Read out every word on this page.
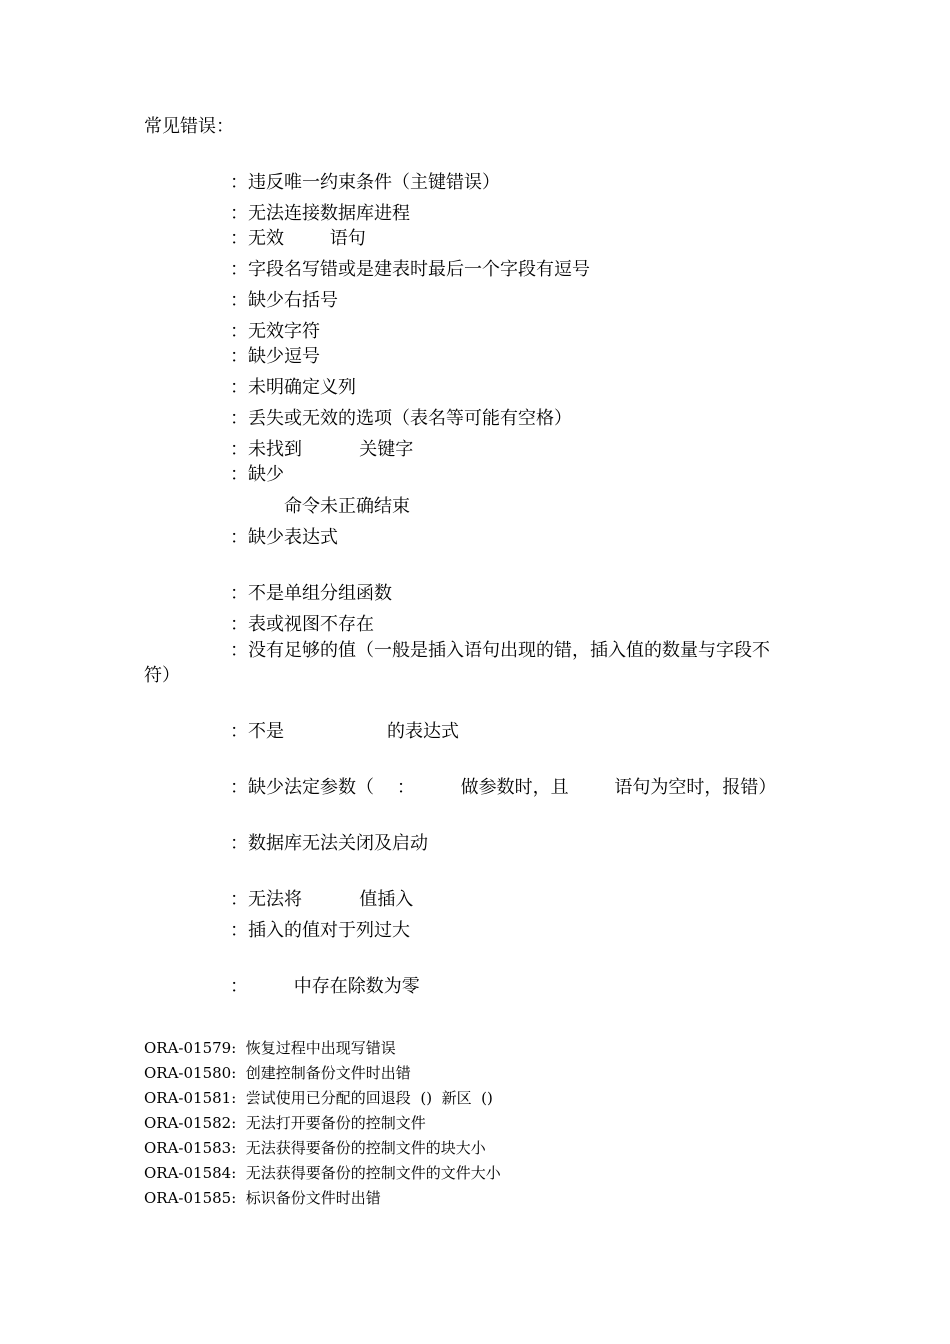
常见错误：
：违反唯一约束条件（主键错误）
：无法连接数据库进程
：无效        语句
：字段名写错或是建表时最后一个字段有逗号
：缺少右括号
：无效字符
：缺少逗号
：未明确定义列
：丢失或无效的选项（表名等可能有空格）
：未找到          关键字
：缺少
命令未正确结束
：缺少表达式
：不是单组分组函数
：表或视图不存在
：没有足够的值（一般是插入语句出现的错，插入值的数量与字段不
符）
：不是                  的表达式
：缺少法定参数（    ：        做参数时，且        语句为空时，报错）
：数据库无法关闭及启动
：无法将          值插入
：插入的值对于列过大
：        中存在除数为零
ORA-01579:  恢复过程中出现写错误
ORA-01580:  创建控制备份文件时出错
ORA-01581:  尝试使用已分配的回退段  ()  新区  ()
ORA-01582:  无法打开要备份的控制文件
ORA-01583:  无法获得要备份的控制文件的块大小
ORA-01584:  无法获得要备份的控制文件的文件大小
ORA-01585:  标识备份文件时出错
